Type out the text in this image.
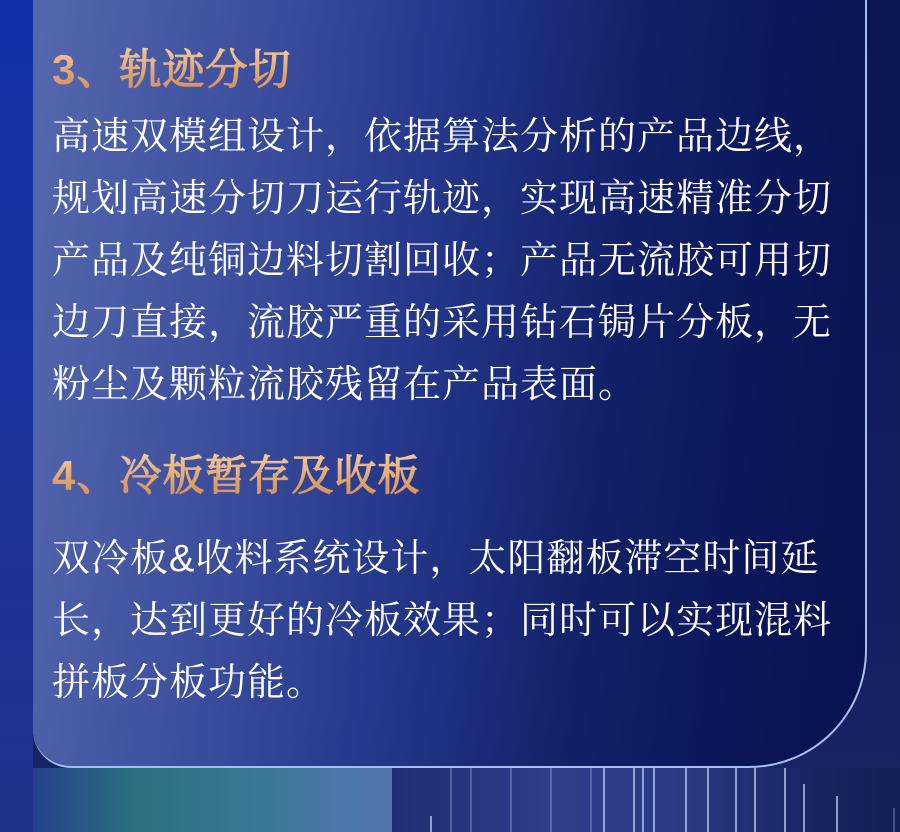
3、轨迹分切
高速双模组设计，依据算法分析的产品边线，
规划高速分切刀运行轨迹，实现高速精准分切
产品及纯铜边料切割回收；产品无流胶可用切
边刀直接，流胶严重的采用钻石锔片分板，无
粉尘及颗粒流胶残留在产品表面。
4、冷板暂存及收板
双冷板&收料系统设计，太阳翻板滞空时间延
长，达到更好的冷板效果；同时可以实现混料
拼板分板功能。
